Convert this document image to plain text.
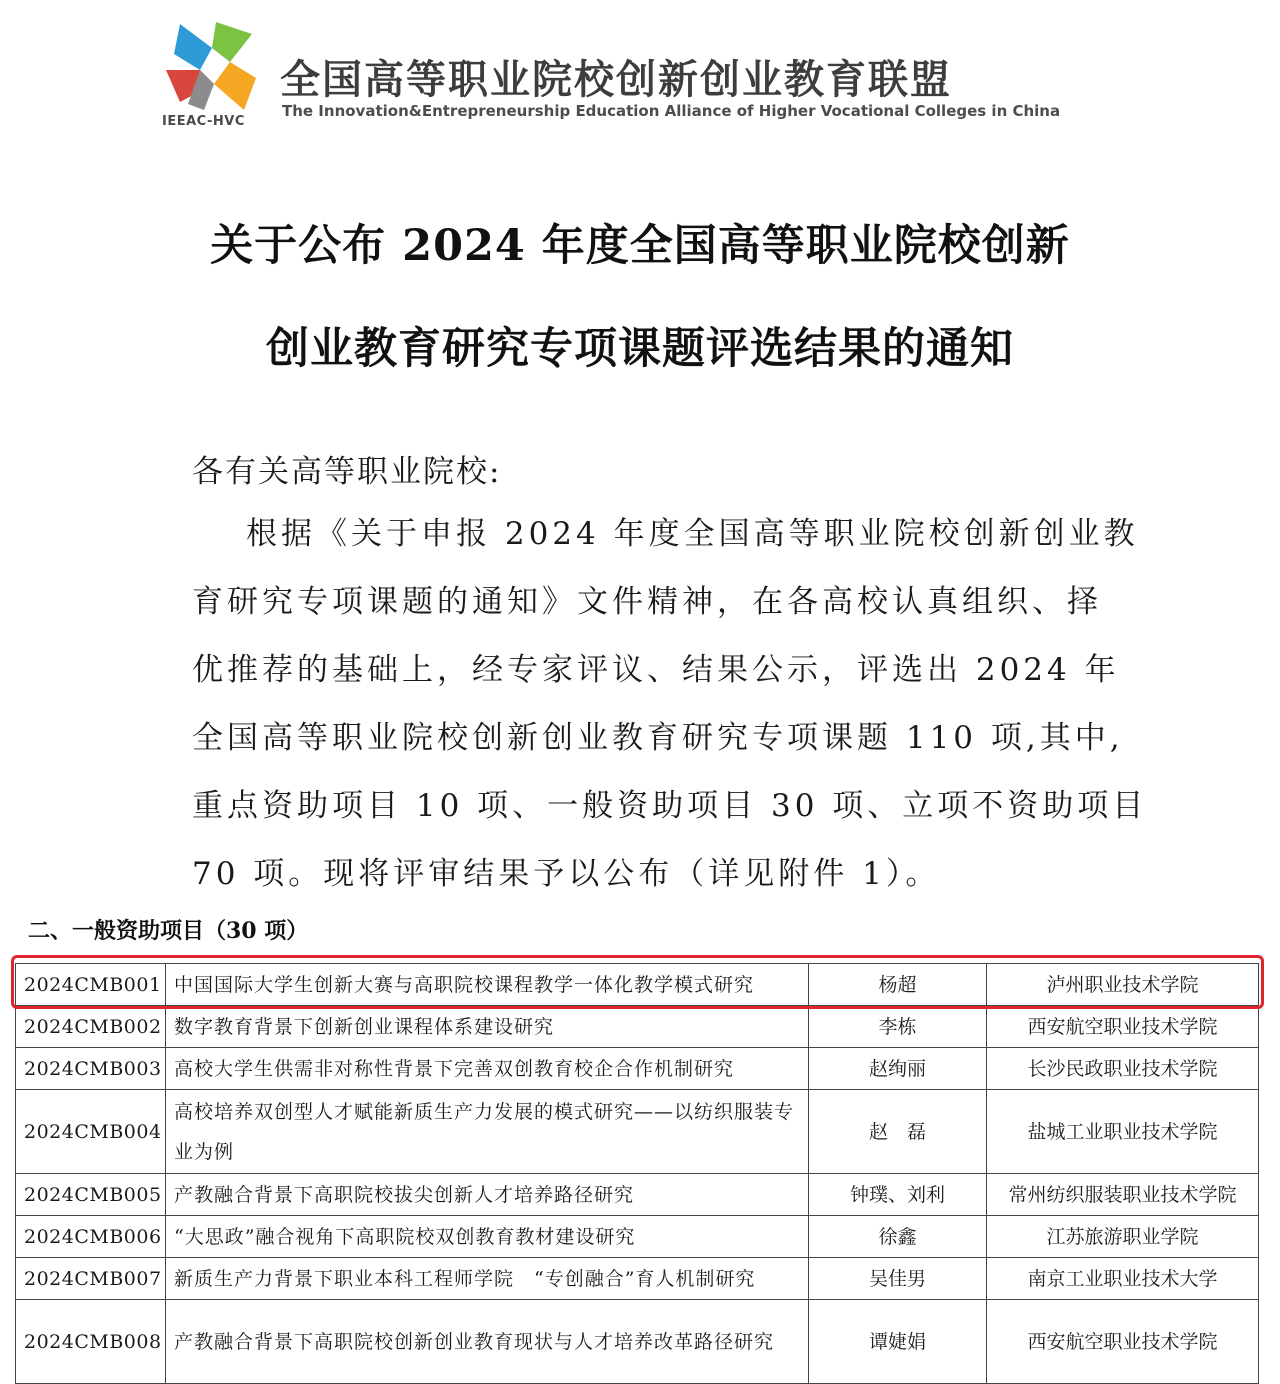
IEEAC-HVC
全国高等职业院校创新创业教育联盟
The Innovation&Entrepreneurship Education Alliance of Higher Vocational Colleges in China
关于公布 2024 年度全国高等职业院校创新
创业教育研究专项课题评选结果的通知
各有关高等职业院校:
根据《关于申报 2024 年度全国高等职业院校创新创业教
育研究专项课题的通知》文件精神，在各高校认真组织、择
优推荐的基础上，经专家评议、结果公示，评选出 2024 年
全国高等职业院校创新创业教育研究专项课题 110 项,其中,
重点资助项目 10 项、一般资助项目 30 项、立项不资助项目
70 项。现将评审结果予以公布（详见附件 1）。
二、一般资助项目（30 项）
2024CMB001	中国国际大学生创新大赛与高职院校课程教学一体化教学模式研究	杨超	泸州职业技术学院
2024CMB002	数字教育背景下创新创业课程体系建设研究	李栋	西安航空职业技术学院
2024CMB003	高校大学生供需非对称性背景下完善双创教育校企合作机制研究	赵绚丽	长沙民政职业技术学院
2024CMB004	高校培养双创型人才赋能新质生产力发展的模式研究——以纺织服装专业为例	赵　磊	盐城工业职业技术学院
2024CMB005	产教融合背景下高职院校拔尖创新人才培养路径研究	钟璞、刘利	常州纺织服装职业技术学院
2024CMB006	“大思政”融合视角下高职院校双创教育教材建设研究	徐鑫	江苏旅游职业学院
2024CMB007	新质生产力背景下职业本科工程师学院　“专创融合”育人机制研究	吴佳男	南京工业职业技术大学
2024CMB008	产教融合背景下高职院校创新创业教育现状与人才培养改革路径研究	谭婕娟	西安航空职业技术学院
